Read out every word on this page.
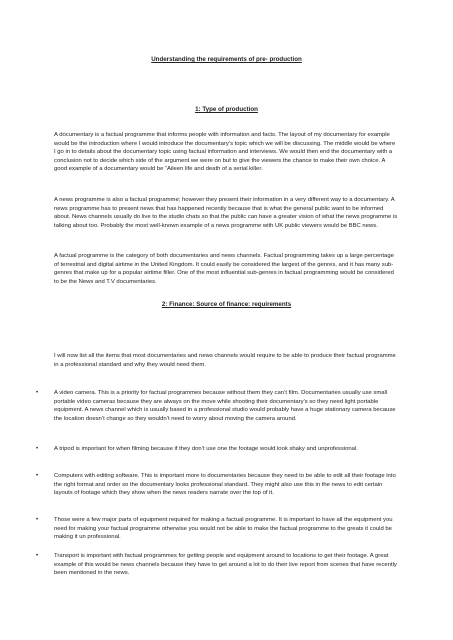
Understanding the requirements of pre- production
1: Type of production

A documentary is a factual programme that informs people with information and facts. The layout of my documentary for example would be the introduction where I would introduce the documentary’s topic which we will be discussing. The middle would be where I go in to details about the documentary topic using factual information and interviews. We would then end the documentary with a conclusion not to decide which side of the argument we were on but to give the viewers the chance to make their own choice. A good example of a documentary would be “Aileen life and death of a serial killer.

A news programme is also a factual programme; however they present their information in a very different way to a documentary. A news programme has to present news that has happened recently because that is what the general public want to be informed about. News channels usually do live to the studio chats so that the public can have a greater vision of what the news programme is talking about too. Probably the most well-known example of a news programme with UK public viewers would be BBC news.

A factual programme is the category of both documentaries and news channels. Factual programming takes up a large percentage of terrestrial and digital airtime in the United Kingdom. It could easily be considered the largest of the genres, and it has many sub-genres that make up for a popular airtime filler. One of the most influential sub-genres in factual programming would be considered to be the News and T.V documentaries.

2: Finance: Source of finance: requirements

I will now list all the items that most documentaries and news channels would require to be able to produce their factual programme in a professional standard and why they would need them.

•	A video camera. This is a priority for factual programmes because without them they can’t film. Documentaries usually use small portable video cameras because they are always on the move while shooting their documentary’s so they need light portable equipment. A news channel which is usually based in a professional studio would probably have a huge stationary camera because the location doesn’t change so they wouldn’t need to worry about moving the camera around.
•	A tripod is important for when filming because if they don’t use one the footage would look shaky and unprofessional.
•	Computers with editing software. This is important more to documentaries because they need to be able to edit all their footage into the right format and order so the documentary looks professional standard. They might also use this in the news to edit certain layouts of footage which they show when the news readers narrate over the top of it.
•	Those were a few major parts of equipment required for making a factual programme. It is important to have all the equipment you need for making your factual programme otherwise you would not be able to make the factual programme to the greats it could be making it un professional.
•	Transport is important with factual programmes for getting people and equipment around to locations to get their footage. A great example of this would be news channels because they have to get around a lot to do their live report from scenes that have recently been mentioned in the news.
